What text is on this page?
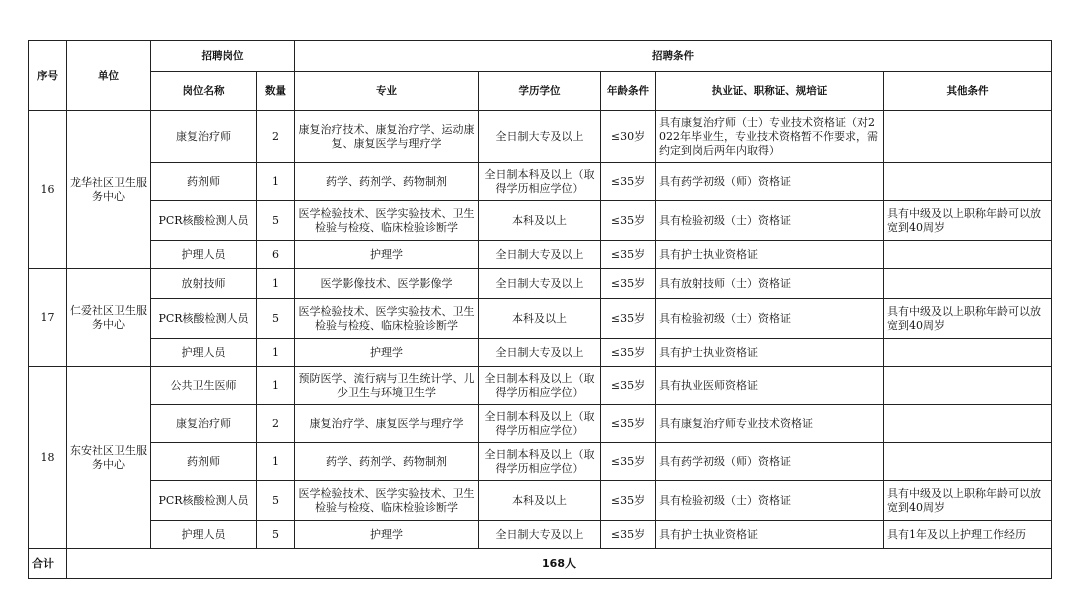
序号	单位	招聘岗位		招聘条件				
		岗位名称	数量	专业	学历学位	年龄条件	执业证、职称证、规培证	其他条件
16	龙华社区卫生服务中心	康复治疗师	2	康复治疗技术、康复治疗学、运动康复、康复医学与理疗学	全日制大专及以上	≤30岁	具有康复治疗师（士）专业技术资格证（对2022年毕业生，专业技术资格暂不作要求，需约定到岗后两年内取得）	
		药剂师	1	药学、药剂学、药物制剂	全日制本科及以上（取得学历相应学位）	≤35岁	具有药学初级（师）资格证	
		PCR核酸检测人员	5	医学检验技术、医学实验技术、卫生检验与检疫、临床检验诊断学	本科及以上	≤35岁	具有检验初级（士）资格证	具有中级及以上职称年龄可以放宽到40周岁
		护理人员	6	护理学	全日制大专及以上	≤35岁	具有护士执业资格证	
17	仁爱社区卫生服务中心	放射技师	1	医学影像技术、医学影像学	全日制大专及以上	≤35岁	具有放射技师（士）资格证	
		PCR核酸检测人员	5	医学检验技术、医学实验技术、卫生检验与检疫、临床检验诊断学	本科及以上	≤35岁	具有检验初级（士）资格证	具有中级及以上职称年龄可以放宽到40周岁
		护理人员	1	护理学	全日制大专及以上	≤35岁	具有护士执业资格证	
18	东安社区卫生服务中心	公共卫生医师	1	预防医学、流行病与卫生统计学、儿少卫生与环境卫生学	全日制本科及以上（取得学历相应学位）	≤35岁	具有执业医师资格证	
		康复治疗师	2	康复治疗学、康复医学与理疗学	全日制本科及以上（取得学历相应学位）	≤35岁	具有康复治疗师专业技术资格证	
		药剂师	1	药学、药剂学、药物制剂	全日制本科及以上（取得学历相应学位）	≤35岁	具有药学初级（师）资格证	
		PCR核酸检测人员	5	医学检验技术、医学实验技术、卫生检验与检疫、临床检验诊断学	本科及以上	≤35岁	具有检验初级（士）资格证	具有中级及以上职称年龄可以放宽到40周岁
		护理人员	5	护理学	全日制大专及以上	≤35岁	具有护士执业资格证	具有1年及以上护理工作经历
合计	168人							
